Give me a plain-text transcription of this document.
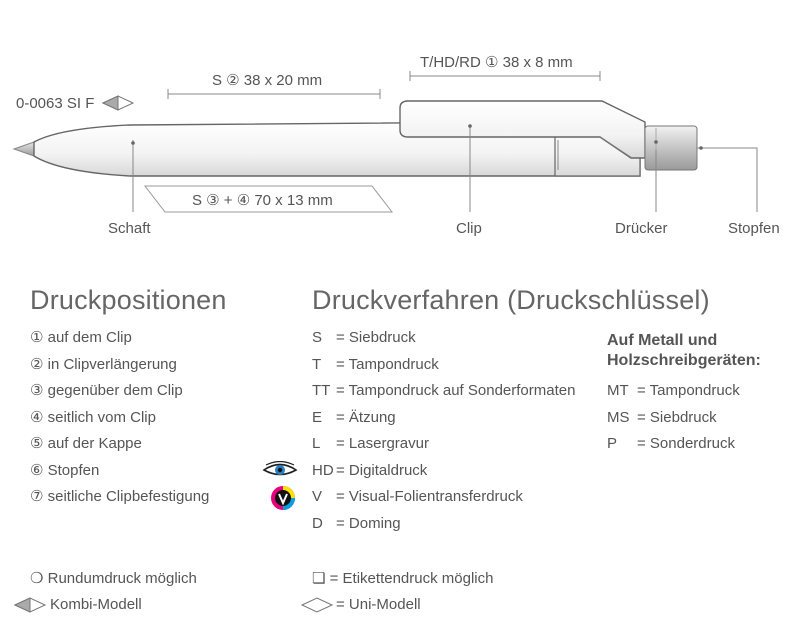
T/HD/RD ① 38 x 8 mm
S ② 38 x 20 mm
0-0063 SI F
S ③ + ④ 70 x 13 mm
Schaft	Clip	Drücker	Stopfen
Druckpositionen
① auf dem Clip
② in Clipverlängerung
③ gegenüber dem Clip
④ seitlich vom Clip
⑤ auf der Kappe
⑥ Stopfen
⑦ seitliche Clipbefestigung
Druckverfahren (Druckschlüssel)
S = Siebdruck
T = Tampondruck
TT = Tampondruck auf Sonderformaten
E = Ätzung
L = Lasergravur
HD = Digitaldruck
V = Visual-Folientransferdruck
D = Doming
Auf Metall und
Holzschreibgeräten:
MT = Tampondruck
MS = Siebdruck
P = Sonderdruck
❍ Rundumdruck möglich
Kombi-Modell
❏ = Etikettendruck möglich
= Uni-Modell
